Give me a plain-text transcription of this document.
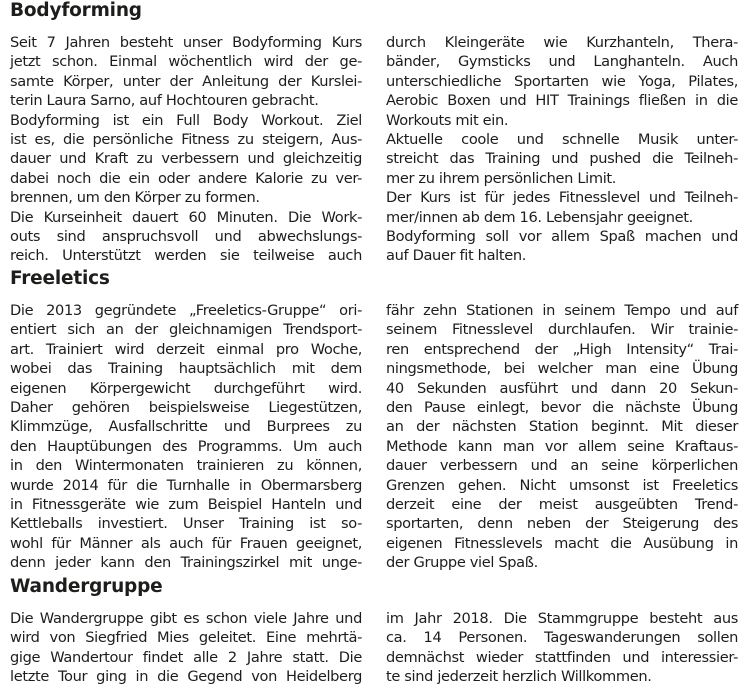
Bodyforming
Seit 7 Jahren besteht unser Bodyforming Kurs
jetzt schon. Einmal wöchentlich wird der ge-
samte Körper, unter der Anleitung der Kurslei-
terin Laura Sarno, auf Hochtouren gebracht.
Bodyforming ist ein Full Body Workout. Ziel
ist es, die persönliche Fitness zu steigern, Aus-
dauer und Kraft zu verbessern und gleichzeitig
dabei noch die ein oder andere Kalorie zu ver-
brennen, um den Körper zu formen.
Die Kurseinheit dauert 60 Minuten. Die Work-
outs sind anspruchsvoll und abwechslungs-
reich. Unterstützt werden sie teilweise auch
durch Kleingeräte wie Kurzhanteln, Thera-
bänder, Gymsticks und Langhanteln. Auch
unterschiedliche Sportarten wie Yoga, Pilates,
Aerobic Boxen und HIT Trainings fließen in die
Workouts mit ein.
Aktuelle coole und schnelle Musik unter-
streicht das Training und pushed die Teilneh-
mer zu ihrem persönlichen Limit.
Der Kurs ist für jedes Fitnesslevel und Teilneh-
mer/innen ab dem 16. Lebensjahr geeignet.
Bodyforming soll vor allem Spaß machen und
auf Dauer fit halten.
Freeletics
Die 2013 gegründete „Freeletics-Gruppe“ ori-
entiert sich an der gleichnamigen Trendsport-
art. Trainiert wird derzeit einmal pro Woche,
wobei das Training hauptsächlich mit dem
eigenen Körpergewicht durchgeführt wird.
Daher gehören beispielsweise Liegestützen,
Klimmzüge, Ausfallschritte und Burprees zu
den Hauptübungen des Programms. Um auch
in den Wintermonaten trainieren zu können,
wurde 2014 für die Turnhalle in Obermarsberg
in Fitnessgeräte wie zum Beispiel Hanteln und
Kettleballs investiert. Unser Training ist so-
wohl für Männer als auch für Frauen geeignet,
denn jeder kann den Trainingszirkel mit unge-
fähr zehn Stationen in seinem Tempo und auf
seinem Fitnesslevel durchlaufen. Wir trainie-
ren entsprechend der „High Intensity“ Trai-
ningsmethode, bei welcher man eine Übung
40 Sekunden ausführt und dann 20 Sekun-
den Pause einlegt, bevor die nächste Übung
an der nächsten Station beginnt. Mit dieser
Methode kann man vor allem seine Kraftaus-
dauer verbessern und an seine körperlichen
Grenzen gehen. Nicht umsonst ist Freeletics
derzeit eine der meist ausgeübten Trend-
sportarten, denn neben der Steigerung des
eigenen Fitnesslevels macht die Ausübung in
der Gruppe viel Spaß.
Wandergruppe
Die Wandergruppe gibt es schon viele Jahre und
wird von Siegfried Mies geleitet. Eine mehrtä-
gige Wandertour findet alle 2 Jahre statt. Die
letzte Tour ging in die Gegend von Heidelberg
im Jahr 2018. Die Stammgruppe besteht aus
ca. 14 Personen. Tageswanderungen sollen
demnächst wieder stattfinden und interessier-
te sind jederzeit herzlich Willkommen.
